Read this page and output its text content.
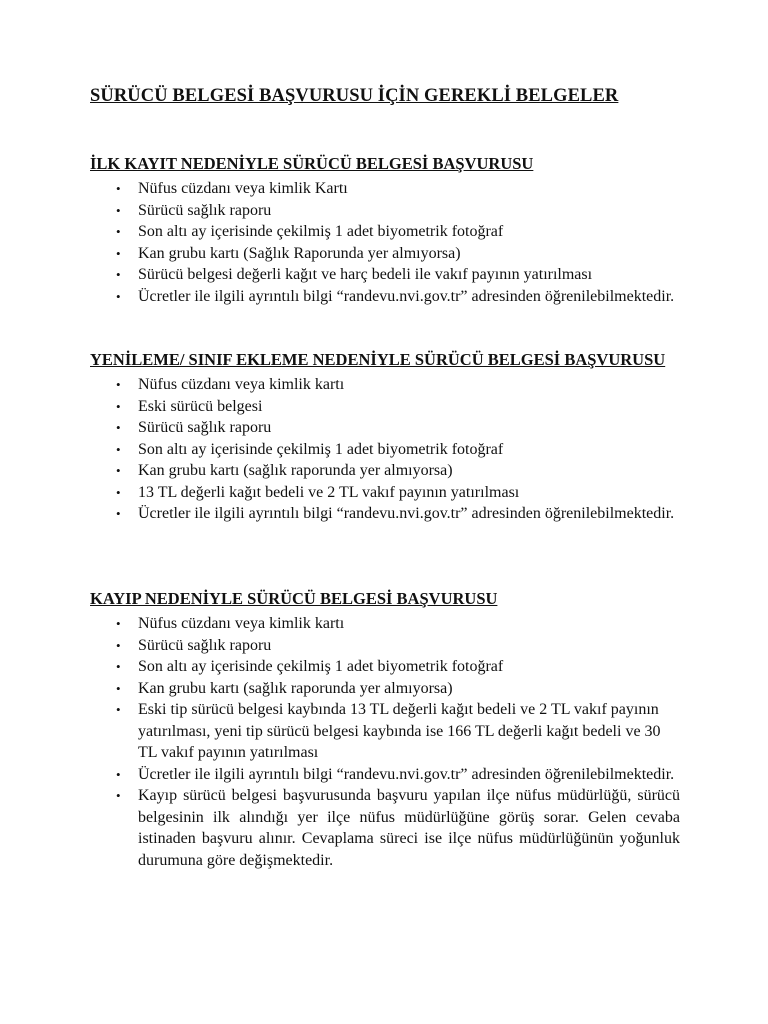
SÜRÜCÜ BELGESİ BAŞVURUSU İÇİN GEREKLİ BELGELER
İLK KAYIT NEDENİYLE SÜRÜCÜ BELGESİ BAŞVURUSU
• Nüfus cüzdanı veya kimlik Kartı
• Sürücü sağlık raporu
• Son altı ay içerisinde çekilmiş 1 adet biyometrik fotoğraf
• Kan grubu kartı (Sağlık Raporunda yer almıyorsa)
• Sürücü belgesi değerli kağıt ve harç bedeli ile vakıf payının yatırılması
• Ücretler ile ilgili ayrıntılı bilgi “randevu.nvi.gov.tr” adresinden öğrenilebilmektedir.
YENİLEME/ SINIF EKLEME NEDENİYLE SÜRÜCÜ BELGESİ BAŞVURUSU
• Nüfus cüzdanı veya kimlik kartı
• Eski sürücü belgesi
• Sürücü sağlık raporu
• Son altı ay içerisinde çekilmiş 1 adet biyometrik fotoğraf
• Kan grubu kartı (sağlık raporunda yer almıyorsa)
• 13 TL değerli kağıt bedeli ve 2 TL vakıf payının yatırılması
• Ücretler ile ilgili ayrıntılı bilgi “randevu.nvi.gov.tr” adresinden öğrenilebilmektedir.
KAYIP NEDENİYLE SÜRÜCÜ BELGESİ BAŞVURUSU
• Nüfus cüzdanı veya kimlik kartı
• Sürücü sağlık raporu
• Son altı ay içerisinde çekilmiş 1 adet biyometrik fotoğraf
• Kan grubu kartı (sağlık raporunda yer almıyorsa)
• Eski tip sürücü belgesi kaybında 13 TL değerli kağıt bedeli ve 2 TL vakıf payının yatırılması, yeni tip sürücü belgesi kaybında ise 166 TL değerli kağıt bedeli ve 30 TL vakıf payının yatırılması
• Ücretler ile ilgili ayrıntılı bilgi “randevu.nvi.gov.tr” adresinden öğrenilebilmektedir.
• Kayıp sürücü belgesi başvurusunda başvuru yapılan ilçe nüfus müdürlüğü, sürücü belgesinin ilk alındığı yer ilçe nüfus müdürlüğüne görüş sorar. Gelen cevaba istinaden başvuru alınır. Cevaplama süreci ise ilçe nüfus müdürlüğünün yoğunluk durumuna göre değişmektedir.
